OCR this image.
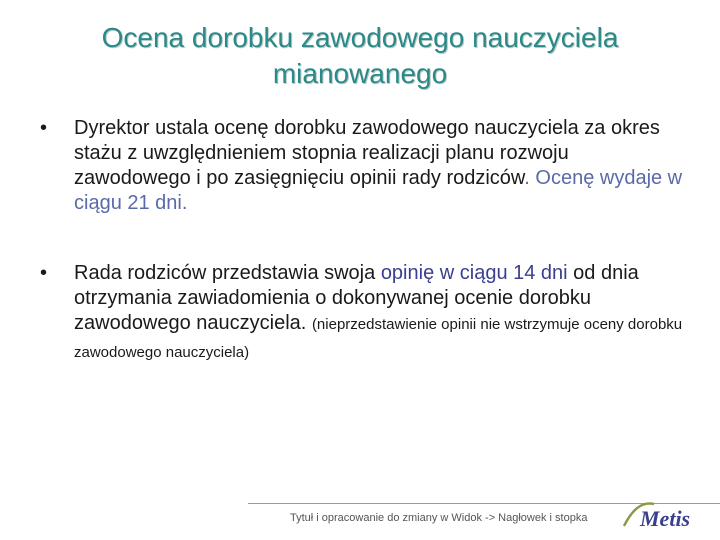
Ocena dorobku zawodowego nauczyciela
mianowanego
• Dyrektor ustala ocenę dorobku zawodowego nauczyciela za okres stażu z uwzględnieniem stopnia realizacji planu rozwoju zawodowego i po zasięgnięciu opinii rady rodziców. Ocenę wydaje w ciągu 21 dni.
• Rada rodziców przedstawia swoja opinię w ciągu 14 dni od dnia otrzymania zawiadomienia o dokonywanej ocenie dorobku zawodowego nauczyciela. (nieprzedstawienie opinii nie wstrzymuje oceny dorobku zawodowego nauczyciela)
Tytuł i opracowanie do zmiany w Widok -> Nagłowek i stopka Metis
